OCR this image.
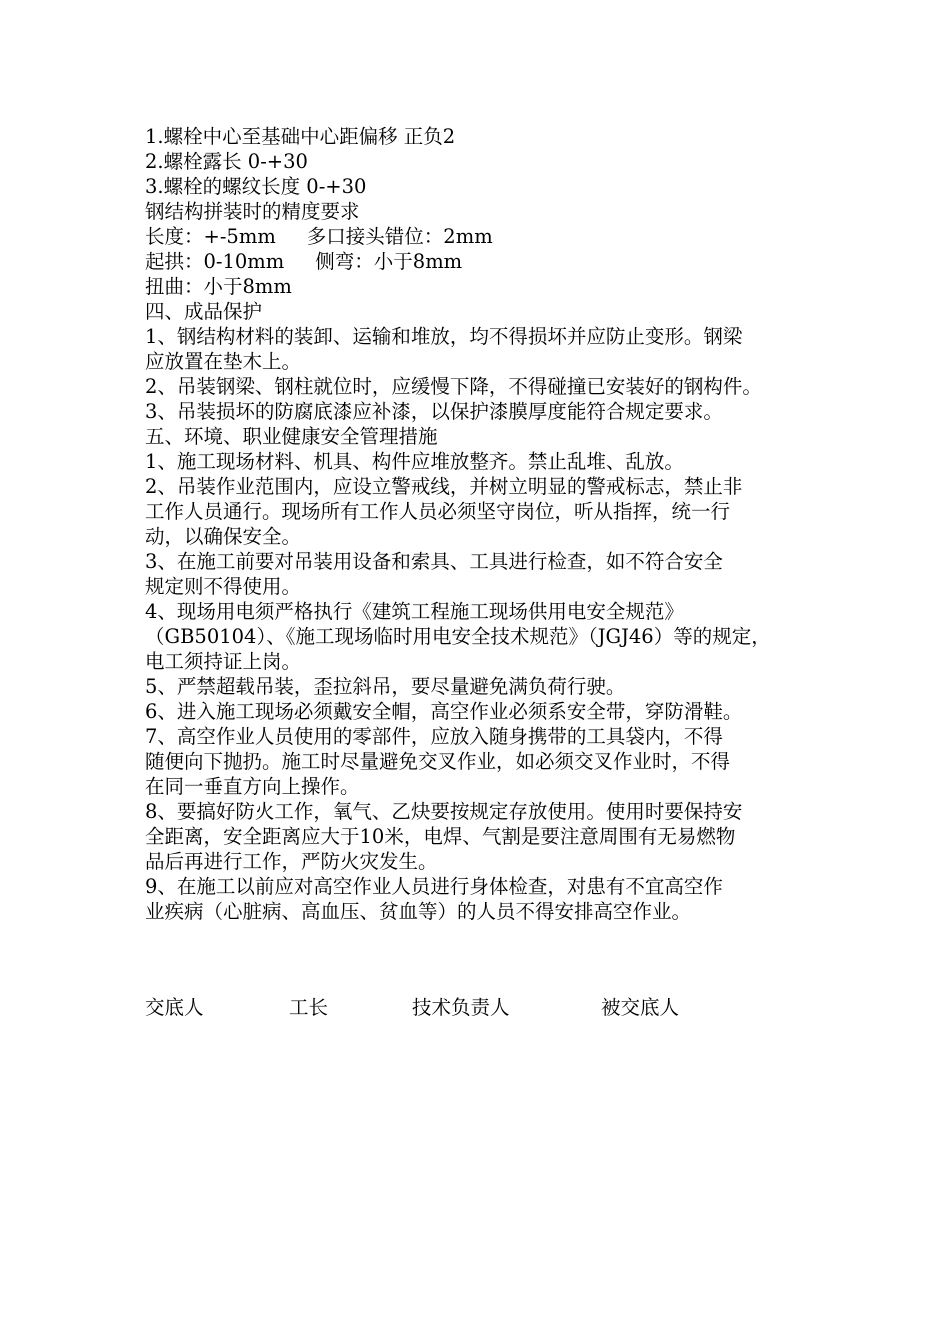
1.螺栓中心至基础中心距偏移 正负2
2.螺栓露长 0-+30
3.螺栓的螺纹长度 0-+30
钢结构拼装时的精度要求
长度：+-5mm     多口接头错位：2mm
起拱：0-10mm     侧弯：小于8mm
扭曲：小于8mm
四、成品保护
1、钢结构材料的装卸、运输和堆放，均不得损坏并应防止变形。钢梁
应放置在垫木上。
2、吊装钢梁、钢柱就位时，应缓慢下降，不得碰撞已安装好的钢构件。
3、吊装损坏的防腐底漆应补漆，以保护漆膜厚度能符合规定要求。
五、环境、职业健康安全管理措施
1、施工现场材料、机具、构件应堆放整齐。禁止乱堆、乱放。
2、吊装作业范围内，应设立警戒线，并树立明显的警戒标志，禁止非
工作人员通行。现场所有工作人员必须坚守岗位，听从指挥，统一行
动，以确保安全。
3、在施工前要对吊装用设备和索具、工具进行检查，如不符合安全
规定则不得使用。
4、现场用电须严格执行《建筑工程施工现场供用电安全规范》
（GB50104）、《施工现场临时用电安全技术规范》（JGJ46）等的规定，
电工须持证上岗。
5、严禁超载吊装，歪拉斜吊，要尽量避免满负荷行驶。
6、进入施工现场必须戴安全帽，高空作业必须系安全带，穿防滑鞋。
7、高空作业人员使用的零部件，应放入随身携带的工具袋内，不得
随便向下抛扔。施工时尽量避免交叉作业，如必须交叉作业时，不得
在同一垂直方向上操作。
8、要搞好防火工作，氧气、乙炔要按规定存放使用。使用时要保持安
全距离，安全距离应大于10米，电焊、气割是要注意周围有无易燃物
品后再进行工作，严防火灾发生。
9、在施工以前应对高空作业人员进行身体检查，对患有不宜高空作
业疾病（心脏病、高血压、贫血等）的人员不得安排高空作业。
交底人	工长	技术负责人	被交底人
